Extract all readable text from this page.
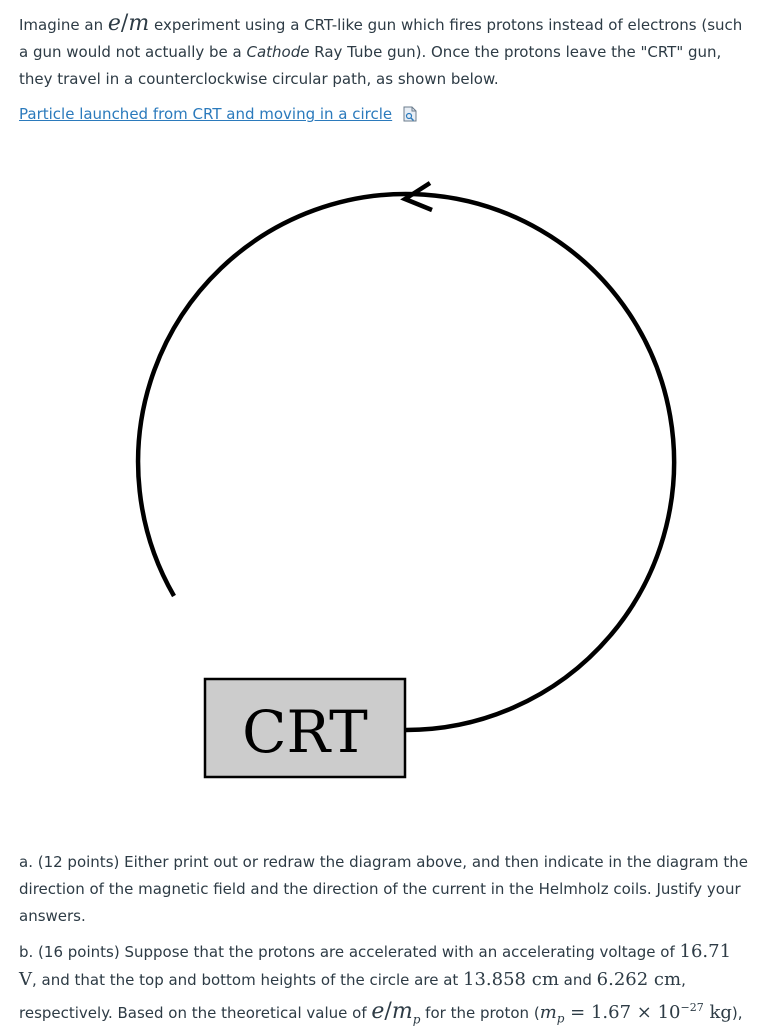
Imagine an e/m experiment using a CRT-like gun which fires protons instead of electrons (such a gun would not actually be a Cathode Ray Tube gun). Once the protons leave the "CRT" gun, they travel in a counterclockwise circular path, as shown below.
Particle launched from CRT and moving in a circle
CRT
a. (12 points) Either print out or redraw the diagram above, and then indicate in the diagram the direction of the magnetic field and the direction of the current in the Helmholz coils. Justify your answers.
b. (16 points) Suppose that the protons are accelerated with an accelerating voltage of 16.71 V, and that the top and bottom heights of the circle are at 13.858 cm and 6.262 cm, respectively. Based on the theoretical value of $e/m_p$ for the proton ($m_p = 1.67 \times 10^{-27}$ kg),
